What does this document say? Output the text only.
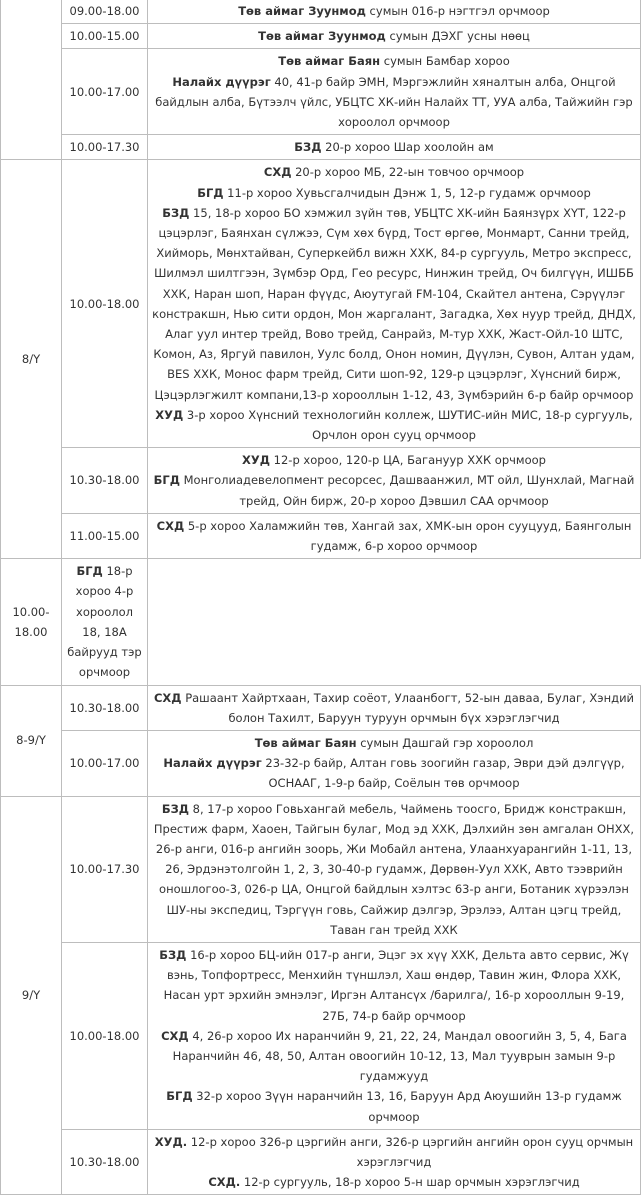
	09.00-18.00	Төв аймаг Зуунмод сумын 016-р нэгтгэл орчмоор

	10.00-15.00	Төв аймаг Зуунмод сумын ДЭХГ усны нөөц

	10.00-17.00	Төв аймаг Баян сумын Бамбар хороо
Налайх дүүрэг 40, 41-р байр ЭМН, Мэргэжлийн хяналтын алба, Онцгой байдлын алба, Бүтээлч үйлс, УБЦТС ХК-ийн Налайх ТТ, УУА алба, Тайжийн гэр хороолол орчмоор

	10.00-17.30	БЗД 20-р хороо Шар хоолойн ам

8/Y	10.00-18.00	СХД 20-р хороо МБ, 22-ын товчоо орчмоор
БГД 11-р хороо Хувьсгалчидын Дэнж 1, 5, 12-р гудамж орчмоор
БЗД 15, 18-р хороо БО хэмжил зүйн төв, УБЦТС ХК-ийн Баянзүрх ХҮТ, 122-р цэцэрлэг, Баянхан сүлжээ, Сүм хөх бүрд, Тост өргөө, Монмарт, Санни трейд, Хийморь, Мөнхтайван, Суперкейбл вижн ХХК, 84-р сургууль, Метро экспресс, Шилмэл шилтгээн, Зүмбэр Орд, Гео ресурс, Нинжин трейд, Оч билгүүн, ИШББ ХХК, Наран шоп, Наран фүүдс, Аюутугай FM-104, Скайтел антена, Сэрүүлэг констракшн, Нью сити ордон, Мон жаргалант, Загадка, Хөх нуур трейд, ДНДХ, Алаг уул интер трейд, Вово трейд, Санрайз, М-тур ХХК, Жаст-Ойл-10 ШТС, Комон, Аз, Яргуй павилон, Уулс болд, Онон номин, Дүүлэн, Сувон, Алтан удам, BES ХХК, Монос фарм трейд, Сити шоп-92, 129-р цэцэрлэг, Хүнсний бирж, Цэцэрлэгжилт компани,13-р хорооллын 1-12, 43, Зүмбэрийн 6-р байр орчмоор
ХУД 3-р хороо Хүнсний технологийн коллеж, ШУТИС-ийн МИС, 18-р сургууль, Орчлон орон сууц орчмоор

	10.30-18.00	ХУД 12-р хороо, 120-р ЦА, Багануур ХХК орчмоор
БГД Монголиадевелопмент ресорсес, Дашваанжил, МТ ойл, Шунхлай, Магнай трейд, Ойн бирж, 20-р хороо Дэвшил САА орчмоор

	11.00-15.00	СХД 5-р хороо Халамжийн төв, Хангай зах, ХМК-ын орон сууцууд, Баянголын гудамж, 6-р хороо орчмоор

10.00-18.00	БГД 18-р хороо 4-р хороолол 18, 18А байрууд тэр орчмоор	

8-9/Y	10.30-18.00	СХД Рашаант Хайртхаан, Тахир соёот, Улаанбогт, 52-ын даваа, Булаг, Хэндий болон Тахилт, Баруун туруун орчмын бүх хэрэглэгчид

	10.00-17.00	Төв аймаг Баян сумын Дашгай гэр хороолол
Налайх дүүрэг 23-32-р байр, Алтан говь зоогийн газар, Эври дэй дэлгүүр, ОСНААГ, 1-9-р байр, Соёлын төв орчмоор

9/Y	10.00-17.30	БЗД 8, 17-р хороо Говьхангай мебель, Чаймень тоосго, Бридж констракшн, Престиж фарм, Хаоен, Тайгын булаг, Мод эд ХХК, Дэлхийн зөн амгалан ОНХХ, 26-р анги, 016-р ангийн зоорь, Жи Мобайл антена, Улаанхуарангийн 1-11, 13, 26, Эрдэнэтолгойн 1, 2, 3, 30-40-р гудамж, Дөрвөн-Уул ХХК, Авто тээврийн оношлогоо-3, 026-р ЦА, Онцгой байдлын хэлтэс 63-р анги, Ботаник хүрээлэн ШУ-ны экспедиц, Тэргүүн говь, Сайжир дэлгэр, Эрэлээ, Алтан цэгц трейд, Таван ган трейд ХХК

	10.00-18.00	БЗД 16-р хороо БЦ-ийн 017-р анги, Эцэг эх хүү ХХК, Дельта авто сервис, Жү вэнь, Топфортресс, Менхийн түншлэл, Хаш өндөр, Тавин жин, Флора ХХК, Насан урт эрхийн эмнэлэг, Иргэн Алтансүх /барилга/, 16-р хорооллын 9-19, 27Б, 74-р байр орчмоор
СХД 4, 26-р хороо Их наранчийн 9, 21, 22, 24, Мандал овоогийн 3, 5, 4, Бага Наранчийн 46, 48, 50, Алтан овоогийн 10-12, 13, Мал тууврын замын 9-р гудамжууд
БГД 32-р хороо Зүүн наранчийн 13, 16, Баруун Ард Аюушийн 13-р гудамж орчмоор

	10.30-18.00	ХУД. 12-р хороо 326-р цэргийн анги, 326-р цэргийн ангийн орон сууц орчмын хэрэглэгчид
СХД. 12-р сургууль, 18-р хороо 5-н шар орчмын хэрэглэгчид
